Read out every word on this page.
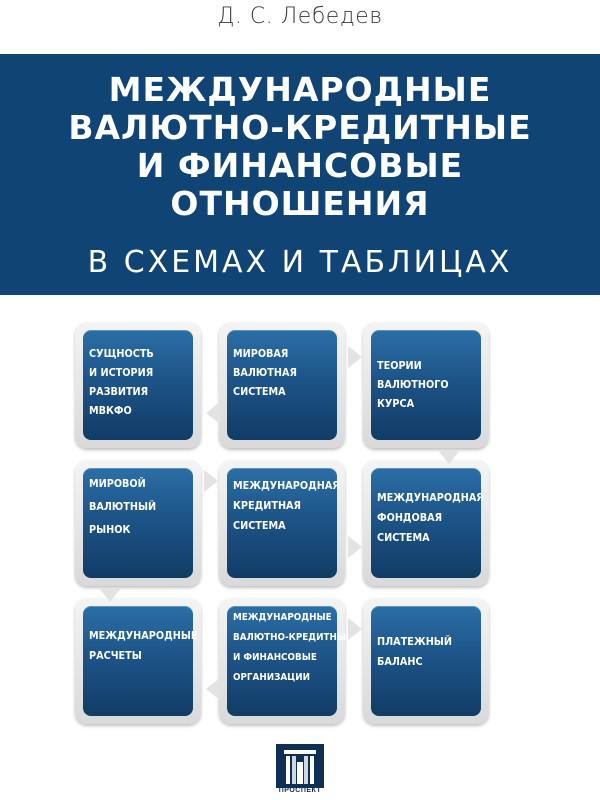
Д. С. Лебедев
МЕЖДУНАРОДНЫЕ
ВАЛЮТНО-КРЕДИТНЫЕ
И ФИНАНСОВЫЕ
ОТНОШЕНИЯ
В СХЕМАХ И ТАБЛИЦАХ
СУЩНОСТЬ
И ИСТОРИЯ
РАЗВИТИЯ
МВКФО
МИРОВАЯ
ВАЛЮТНАЯ
СИСТЕМА
ТЕОРИИ
ВАЛЮТНОГО
КУРСА
МИРОВОЙ
ВАЛЮТНЫЙ
РЫНОК
МЕЖДУНАРОДНАЯ
КРЕДИТНАЯ
СИСТЕМА
МЕЖДУНАРОДНАЯ
ФОНДОВАЯ
СИСТЕМА
МЕЖДУНАРОДНЫЕ
РАСЧЕТЫ
МЕЖДУНАРОДНЫЕ
ВАЛЮТНО-КРЕДИТНЫЕ
И ФИНАНСОВЫЕ
ОРГАНИЗАЦИИ
ПЛАТЕЖНЫЙ
БАЛАНС
ПРОСПЕКТ
